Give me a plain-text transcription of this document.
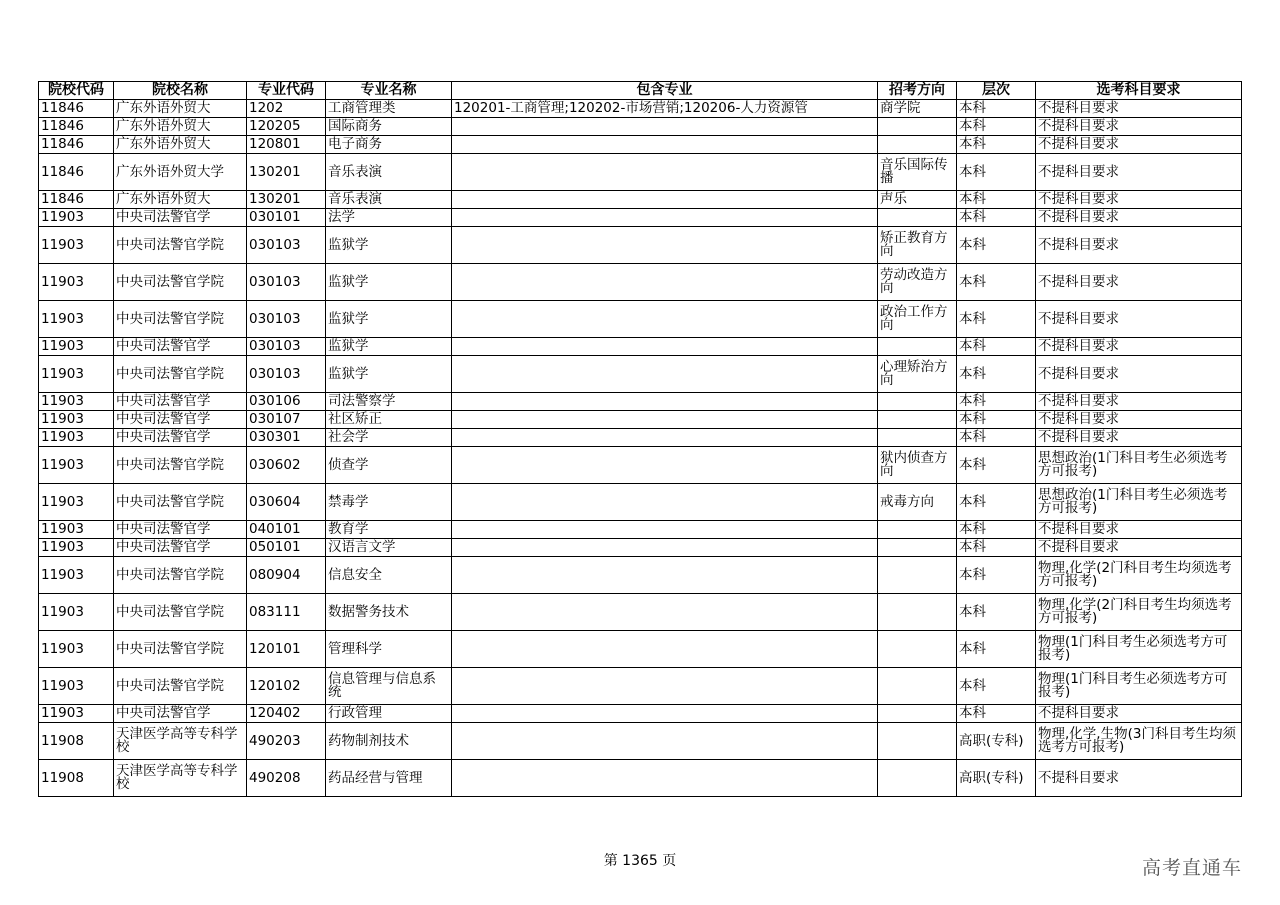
院校代码	院校名称	专业代码	专业名称	包含专业	招考方向	层次	选考科目要求
11846	广东外语外贸大	1202	工商管理类	120201-工商管理;120202-市场营销;120206-人力资源管	商学院	本科	不提科目要求
11846	广东外语外贸大	120205	国际商务			本科	不提科目要求
11846	广东外语外贸大	120801	电子商务			本科	不提科目要求
11846	广东外语外贸大学	130201	音乐表演		音乐国际传播	本科	不提科目要求
11846	广东外语外贸大	130201	音乐表演		声乐	本科	不提科目要求
11903	中央司法警官学	030101	法学			本科	不提科目要求
11903	中央司法警官学院	030103	监狱学		矫正教育方向	本科	不提科目要求
11903	中央司法警官学院	030103	监狱学		劳动改造方向	本科	不提科目要求
11903	中央司法警官学院	030103	监狱学		政治工作方向	本科	不提科目要求
11903	中央司法警官学	030103	监狱学			本科	不提科目要求
11903	中央司法警官学院	030103	监狱学		心理矫治方向	本科	不提科目要求
11903	中央司法警官学	030106	司法警察学			本科	不提科目要求
11903	中央司法警官学	030107	社区矫正			本科	不提科目要求
11903	中央司法警官学	030301	社会学			本科	不提科目要求
11903	中央司法警官学院	030602	侦查学		狱内侦查方向	本科	思想政治(1门科目考生必须选考方可报考)
11903	中央司法警官学院	030604	禁毒学		戒毒方向	本科	思想政治(1门科目考生必须选考方可报考)
11903	中央司法警官学	040101	教育学			本科	不提科目要求
11903	中央司法警官学	050101	汉语言文学			本科	不提科目要求
11903	中央司法警官学院	080904	信息安全			本科	物理,化学(2门科目考生均须选考方可报考)
11903	中央司法警官学院	083111	数据警务技术			本科	物理,化学(2门科目考生均须选考方可报考)
11903	中央司法警官学院	120101	管理科学			本科	物理(1门科目考生必须选考方可报考)
11903	中央司法警官学院	120102	信息管理与信息系统			本科	物理(1门科目考生必须选考方可报考)
11903	中央司法警官学	120402	行政管理			本科	不提科目要求
11908	天津医学高等专科学校	490203	药物制剂技术			高职(专科)	物理,化学,生物(3门科目考生均须选考方可报考)
11908	天津医学高等专科学校	490208	药品经营与管理			高职(专科)	不提科目要求
第 1365 页	高考直通车
